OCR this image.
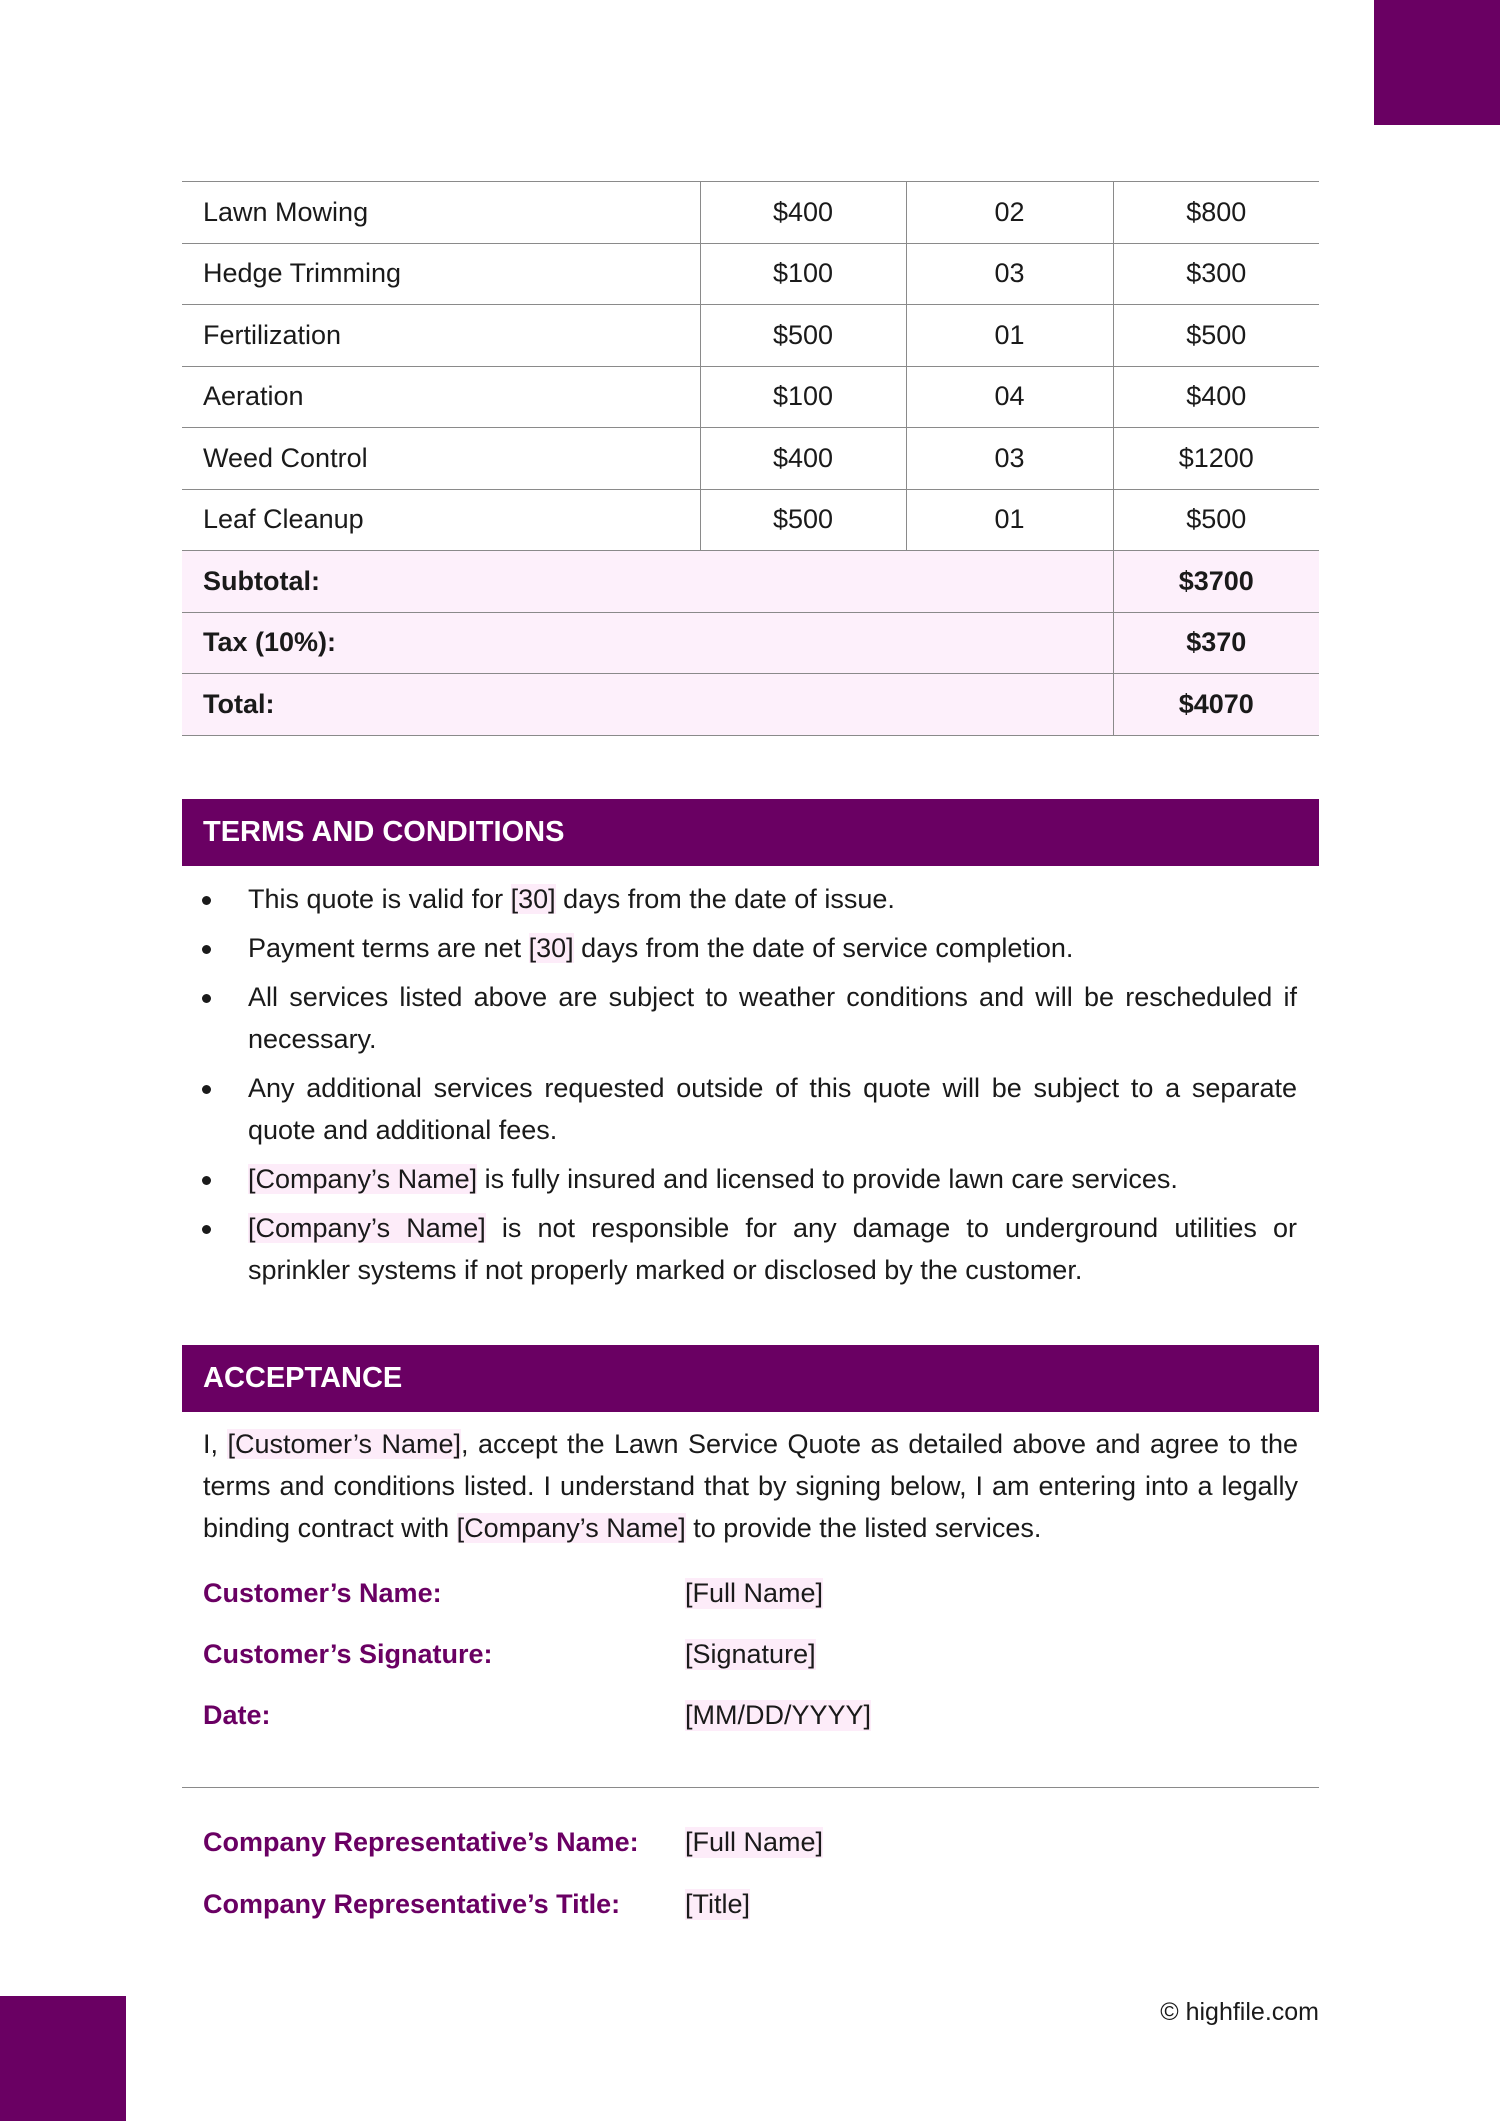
Lawn Mowing	$400	02	$800
Hedge Trimming	$100	03	$300
Fertilization	$500	01	$500
Aeration	$100	04	$400
Weed Control	$400	03	$1200
Leaf Cleanup	$500	01	$500
Subtotal:			$3700
Tax (10%):			$370
Total:			$4070
TERMS AND CONDITIONS
This quote is valid for [30] days from the date of issue.
Payment terms are net [30] days from the date of service completion.
All services listed above are subject to weather conditions and will be rescheduled if necessary.
Any additional services requested outside of this quote will be subject to a separate quote and additional fees.
[Company’s Name] is fully insured and licensed to provide lawn care services.
[Company’s Name] is not responsible for any damage to underground utilities or sprinkler systems if not properly marked or disclosed by the customer.
ACCEPTANCE

I, [Customer’s Name], accept the Lawn Service Quote as detailed above and agree to the terms and conditions listed. I understand that by signing below, I am entering into a legally binding contract with [Company’s Name] to provide the listed services.

Customer’s Name:	[Full Name]
Customer’s Signature:	[Signature]
Date:	[MM/DD/YYYY]
Company Representative’s Name: [Full Name]
Company Representative’s Title: [Title]
© highfile.com
